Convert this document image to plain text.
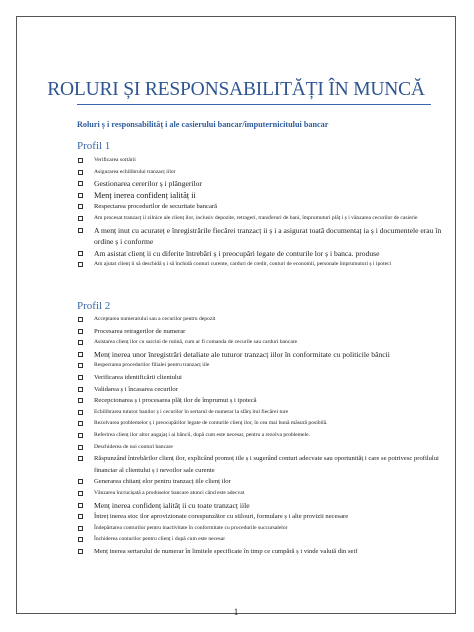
ROLURI ȘI RESPONSABILITĂȚI ÎN MUNCĂ
Roluri ș i responsabilităț i ale casierului bancar/împuternicitului bancar
Profil 1
Verificarea sortării
Asigurarea echilibrului tranzacț iilor
Gestionarea cererilor ș i plângerilor
Menț inerea confidenț ialităț ii
Respectarea procedurilor de securitate bancară
Am procesat tranzacț ii zilnice ale clienț ilor, inclusiv depozite, retrageri, transferuri de bani, împrumuturi plăț i ș i vânzarea cecurilor de casierie
A menț inut cu acurateț e înregistrările fiecărei tranzacț ii ș i a asigurat toată documentaț ia ș i documentele erau în ordine ș i conforme
Am asistat clienț ii cu diferite întrebări ș i preocupări legate de conturile lor ș i banca. produse
Am ajutat clienț ii să deschidă ș i să închidă conturi curente, carduri de credit, conturi de economii, personale împrumuturi ș i ipoteci
Profil 2
Acceptarea numerarului sau a cecurilor pentru depozit
Procesarea retragerilor de numerar
Asistarea clienț ilor cu sarcini de rutină, cum ar fi comanda de cecurile sau carduri bancare
Menț inerea unor înregistrări detaliate ale tuturor tranzacț iilor în conformitate cu politicile băncii
Respectarea procedurilor filialei pentru tranzacț iile
Verificarea identificării clientului
Validarea ș i încasarea cecurilor
Recepcionarea ș i procesarea plăț ilor de împrumut ș i ipotecă
Echilibrarea tuturor banilor ș i cecurilor în sertarul de numerar la sfârș itul fiecărei ture
Rezolvarea problemelor ș i preocupărilor legate de conturile clienț ilor, în cea mai bună măsură posibilă.
Referirea clienț ilor altor angajaț i ai băncii, după cum este necesar, pentru a rezolva problemele.
Deschiderea de noi conturi bancare
Răspunzând întrebărilor clienț ilor, explicând promoț iile ș i sugerând conturi adecvate sau oportunităț i care se potrivesc profilului financiar al clientului ș i nevoilor sale curente
Generarea chitanț elor pentru tranzacț iile clienț ilor
Vânzarea încrucișată a produselor bancare atunci când este adecvat
Menț inerea confidenț ialităț ii cu toate tranzacț iile
Întreț inerea stoc ilor aprovizionate corespunzător cu stilouri, formulare ș i alte provizii necesare
Îndepărtarea conturilor pentru inactivitate în conformitate cu procedurile succursalelor
Închiderea conturilor pentru clienț i după cum este necesar
Menț inerea sertarului de numerar în limitele specificate în timp ce cumpără ș i vinde valută din seif
1
